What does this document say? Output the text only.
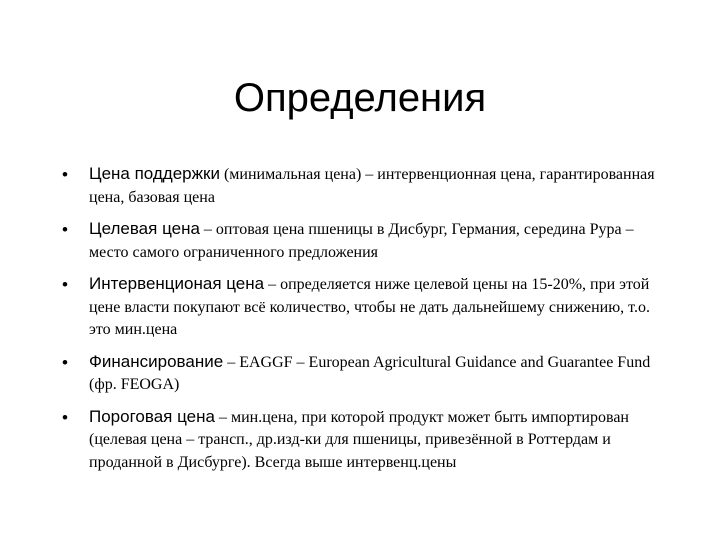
Определения
• Цена поддержки (минимальная цена) – интервенционная цена, гарантированная цена, базовая цена
• Целевая цена – оптовая цена пшеницы в Дисбург, Германия, середина Рура – место самого ограниченного предложения
• Интервенционая цена – определяется ниже целевой цены на 15-20%, при этой цене власти покупают всё количество, чтобы не дать дальнейшему снижению, т.о. это мин.цена
• Финансирование – EAGGF – European Agricultural Guidance and Guarantee Fund (фр. FEOGA)
• Пороговая цена – мин.цена, при которой продукт может быть импортирован (целевая цена – трансп., др.изд-ки для пшеницы, привезённой в Роттердам и проданной в Дисбурге). Всегда выше интервенц.цены
